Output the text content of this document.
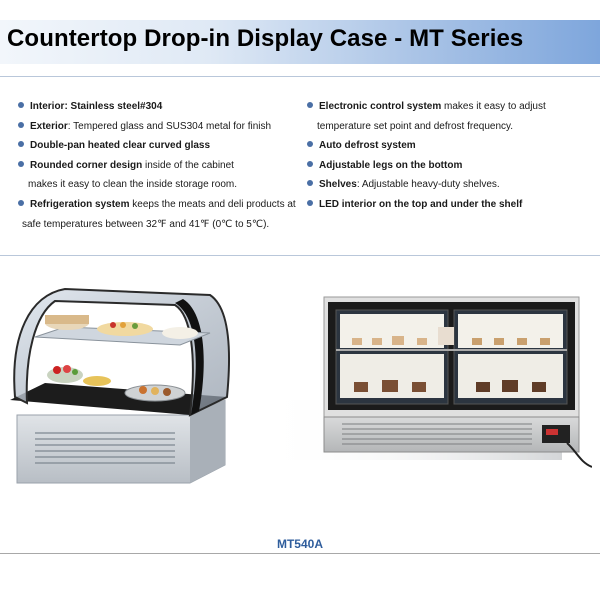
Countertop Drop-in Display Case - MT Series
Interior: Stainless steel#304
Exterior: Tempered glass and SUS304 metal for finish
Double-pan heated clear curved glass
Rounded corner design inside of the cabinet
makes it easy to clean the inside storage room.
Refrigeration system keeps the meats and deli products at
safe temperatures between 32℉ and 41℉ (0℃ to 5℃).
Electronic control system makes it easy to adjust
temperature set point and defrost frequency.
Auto defrost system
Adjustable legs on the bottom
Shelves: Adjustable heavy-duty shelves.
LED interior on the top and under the shelf
MT540A
